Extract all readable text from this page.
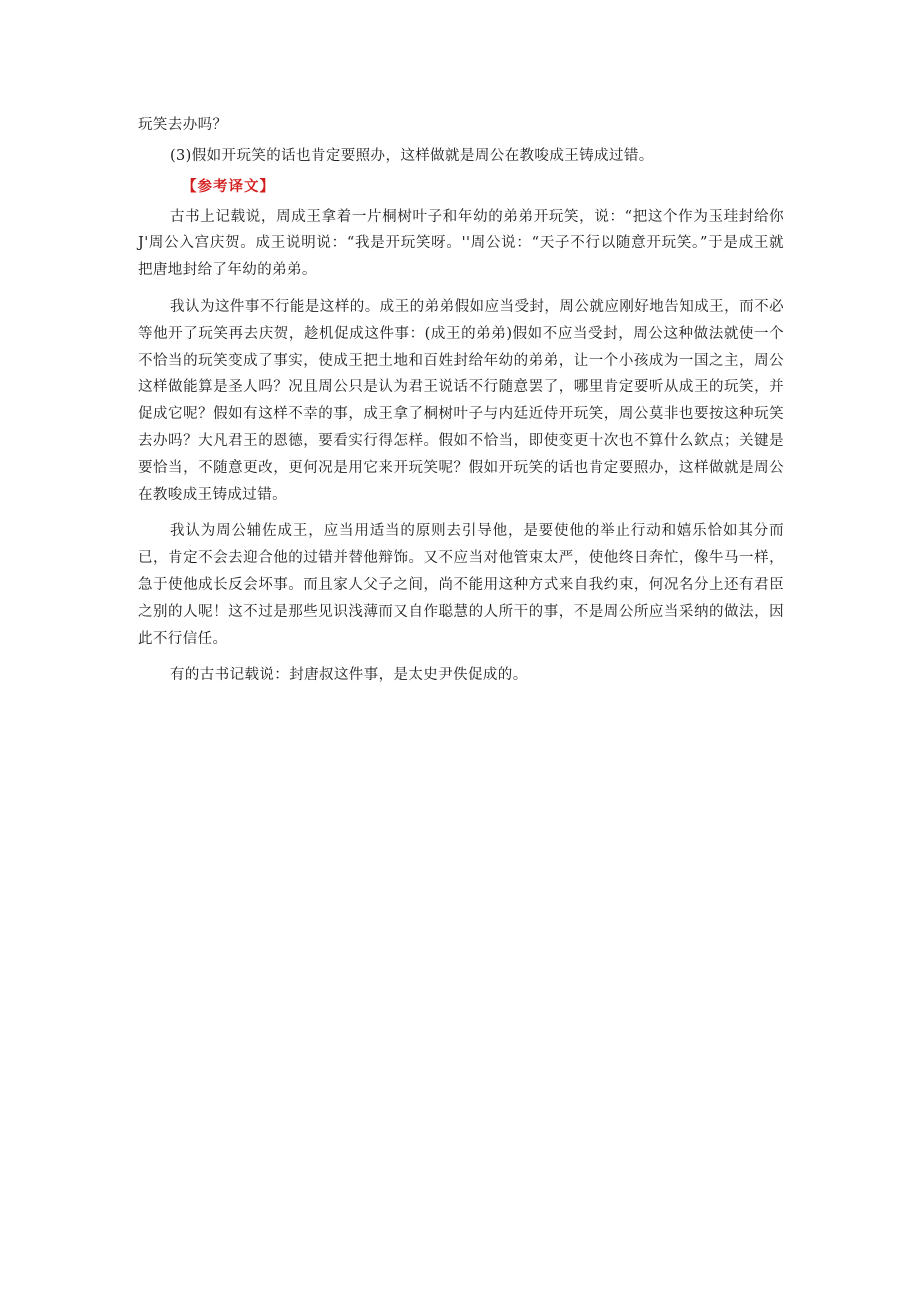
玩笑去办吗？

(3)假如开玩笑的话也肯定要照办，这样做就是周公在教唆成王铸成过错。

【参考译文】

古书上记载说，周成王拿着一片桐树叶子和年幼的弟弟开玩笑，说：“把这个作为玉珪封给你J'周公入宫庆贺。成王说明说：“我是开玩笑呀。''周公说：“天子不行以随意开玩笑。”于是成王就把唐地封给了年幼的弟弟。

我认为这件事不行能是这样的。成王的弟弟假如应当受封，周公就应刚好地告知成王，而不必等他开了玩笑再去庆贺，趁机促成这件事：(成王的弟弟)假如不应当受封，周公这种做法就使一个不恰当的玩笑变成了事实，使成王把土地和百姓封给年幼的弟弟，让一个小孩成为一国之主，周公这样做能算是圣人吗？况且周公只是认为君王说话不行随意罢了，哪里肯定要听从成王的玩笑，并促成它呢？假如有这样不幸的事，成王拿了桐树叶子与内廷近侍开玩笑，周公莫非也要按这种玩笑去办吗？大凡君王的恩德，要看实行得怎样。假如不恰当，即使变更十次也不算什么欽点；关键是要恰当，不随意更改，更何况是用它来开玩笑呢？假如开玩笑的话也肯定要照办，这样做就是周公在教唆成王铸成过错。

我认为周公辅佐成王，应当用适当的原则去引导他，是要使他的举止行动和嬉乐恰如其分而已，肯定不会去迎合他的过错并替他辩饰。又不应当对他管束太严，使他终日奔忙，像牛马一样，急于使他成长反会坏事。而且家人父子之间，尚不能用这种方式来自我约束，何况名分上还有君臣之别的人呢！这不过是那些见识浅薄而又自作聪慧的人所干的事，不是周公所应当采纳的做法，因此不行信任。

有的古书记载说：封唐叔这件事，是太史尹佚促成的。
